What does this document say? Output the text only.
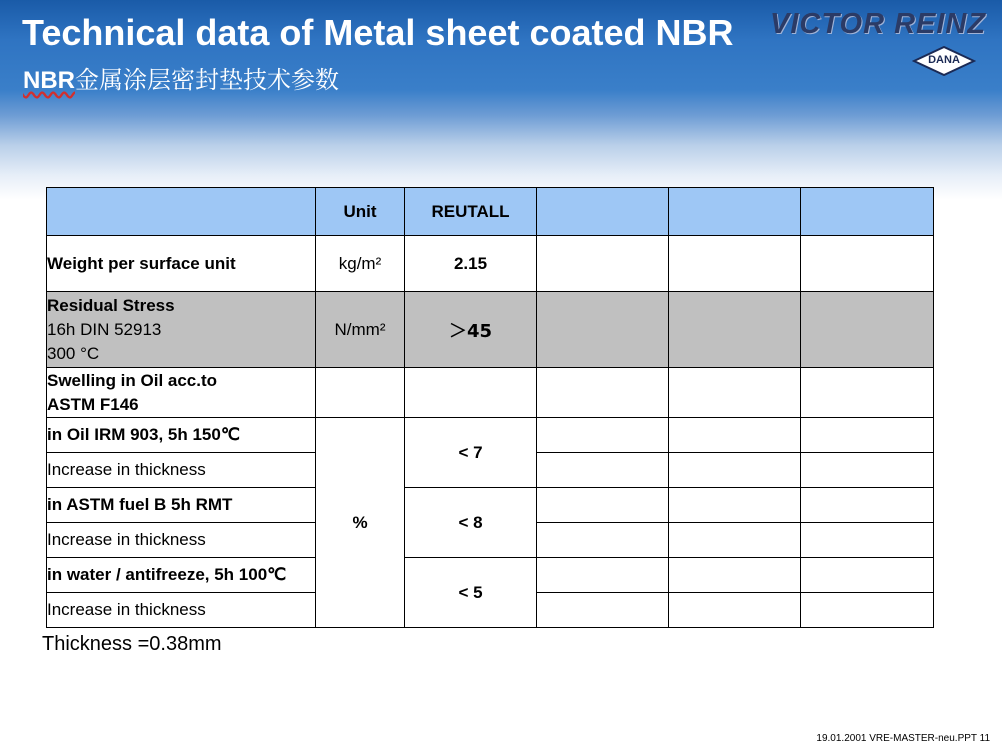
Technical data of Metal sheet coated NBR
NBR金属涂层密封垫技术参数
VICTOR REINZ
DANA
	Unit	REUTALL			
Weight per surface unit	kg/m²	2.15			

Residual Stress
16h DIN 52913
300 °C	N/mm²	＞45			

Swelling in Oil acc.to
ASTM F146					

in Oil IRM 903, 5h 150℃	%	< 7			
Increase in thickness					
in ASTM fuel B 5h RMT		< 8			
Increase in thickness					
in water / antifreeze, 5h 100℃		< 5			
Increase in thickness					
Thickness =0.38mm
19.01.2001 VRE-MASTER-neu.PPT 11
